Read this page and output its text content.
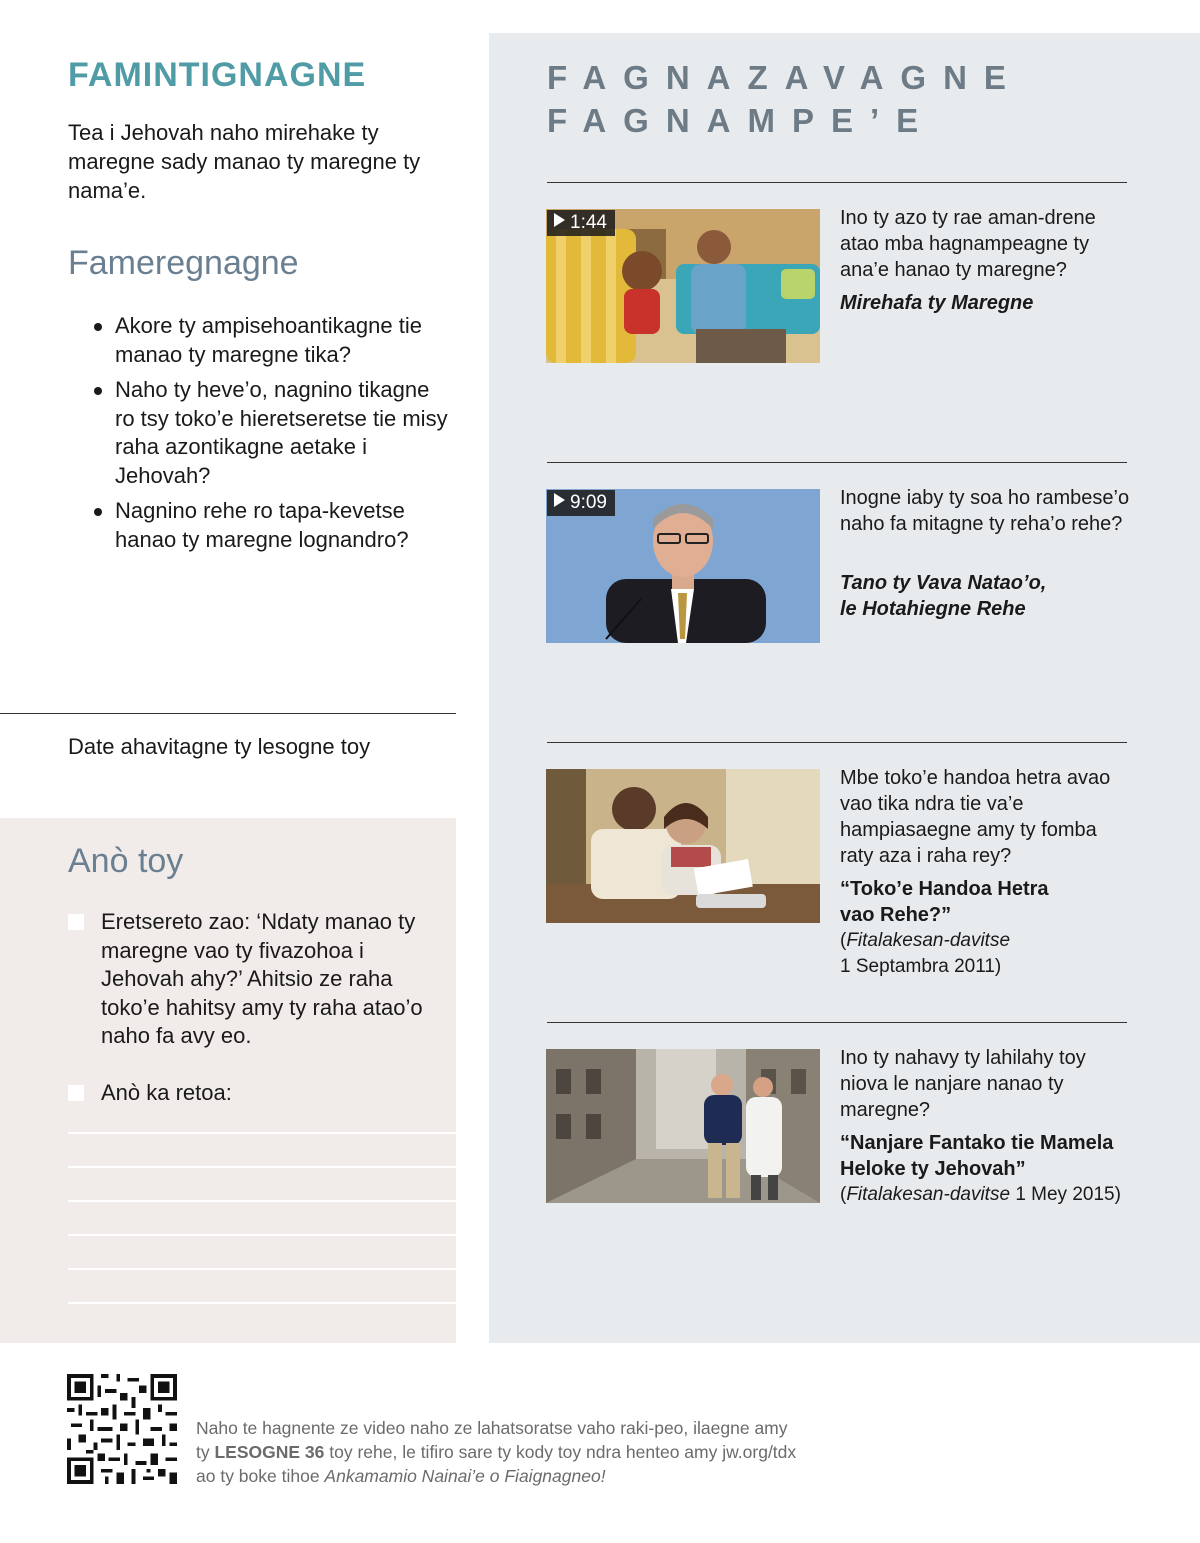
FAMINTIGNAGNE
Tea i Jehovah naho mirehake ty maregne sady manao ty maregne ty nama’e.
Fameregnagne
Akore ty ampisehoantikagne tie manao ty maregne tika?
Naho ty heve’o, nagnino tikagne ro tsy toko’e hieretseretse tie misy raha azontikagne aetake i Jehovah?
Nagnino rehe ro tapa-kevetse hanao ty maregne lognandro?
Date ahavitagne ty lesogne toy
Anò toy
Eretsereto zao: ‘Ndaty manao ty maregne vao ty fivazohoa i Jehovah ahy?’ Ahitsio ze raha toko’e hahitsy amy ty raha atao’o naho fa avy eo.
Anò ka retoa:
FAGNAZAVAGNE
FAGNAMPE’E
1:44	Ino ty azo ty rae aman-drene atao mba hagnampeagne ty ana’e hanao ty maregne?
Mirehafa ty Maregne
9:09	Inogne iaby ty soa ho rambese’o naho fa mitagne ty reha’o rehe?
Tano ty Vava Natao’o,
le Hotahiegne Rehe
Mbe toko’e handoa hetra avao vao tika ndra tie va’e hampiasaegne amy ty fomba raty aza i raha rey?
“Toko’e Handoa Hetra
vao Rehe?”
(Fitalakesan-davitse
1 Septambra 2011)
Ino ty nahavy ty lahilahy toy niova le nanjare nanao ty maregne?
“Nanjare Fantako tie Mamela
Heloke ty Jehovah”
(Fitalakesan-davitse 1 Mey 2015)
Naho te hagnente ze video naho ze lahatsoratse vaho raki-peo, ilaegne amy
ty LESOGNE 36 toy rehe, le tifiro sare ty kody toy ndra henteo amy jw.org/tdx
ao ty boke tihoe Ankamamio Nainai’e o Fiaignagneo!
